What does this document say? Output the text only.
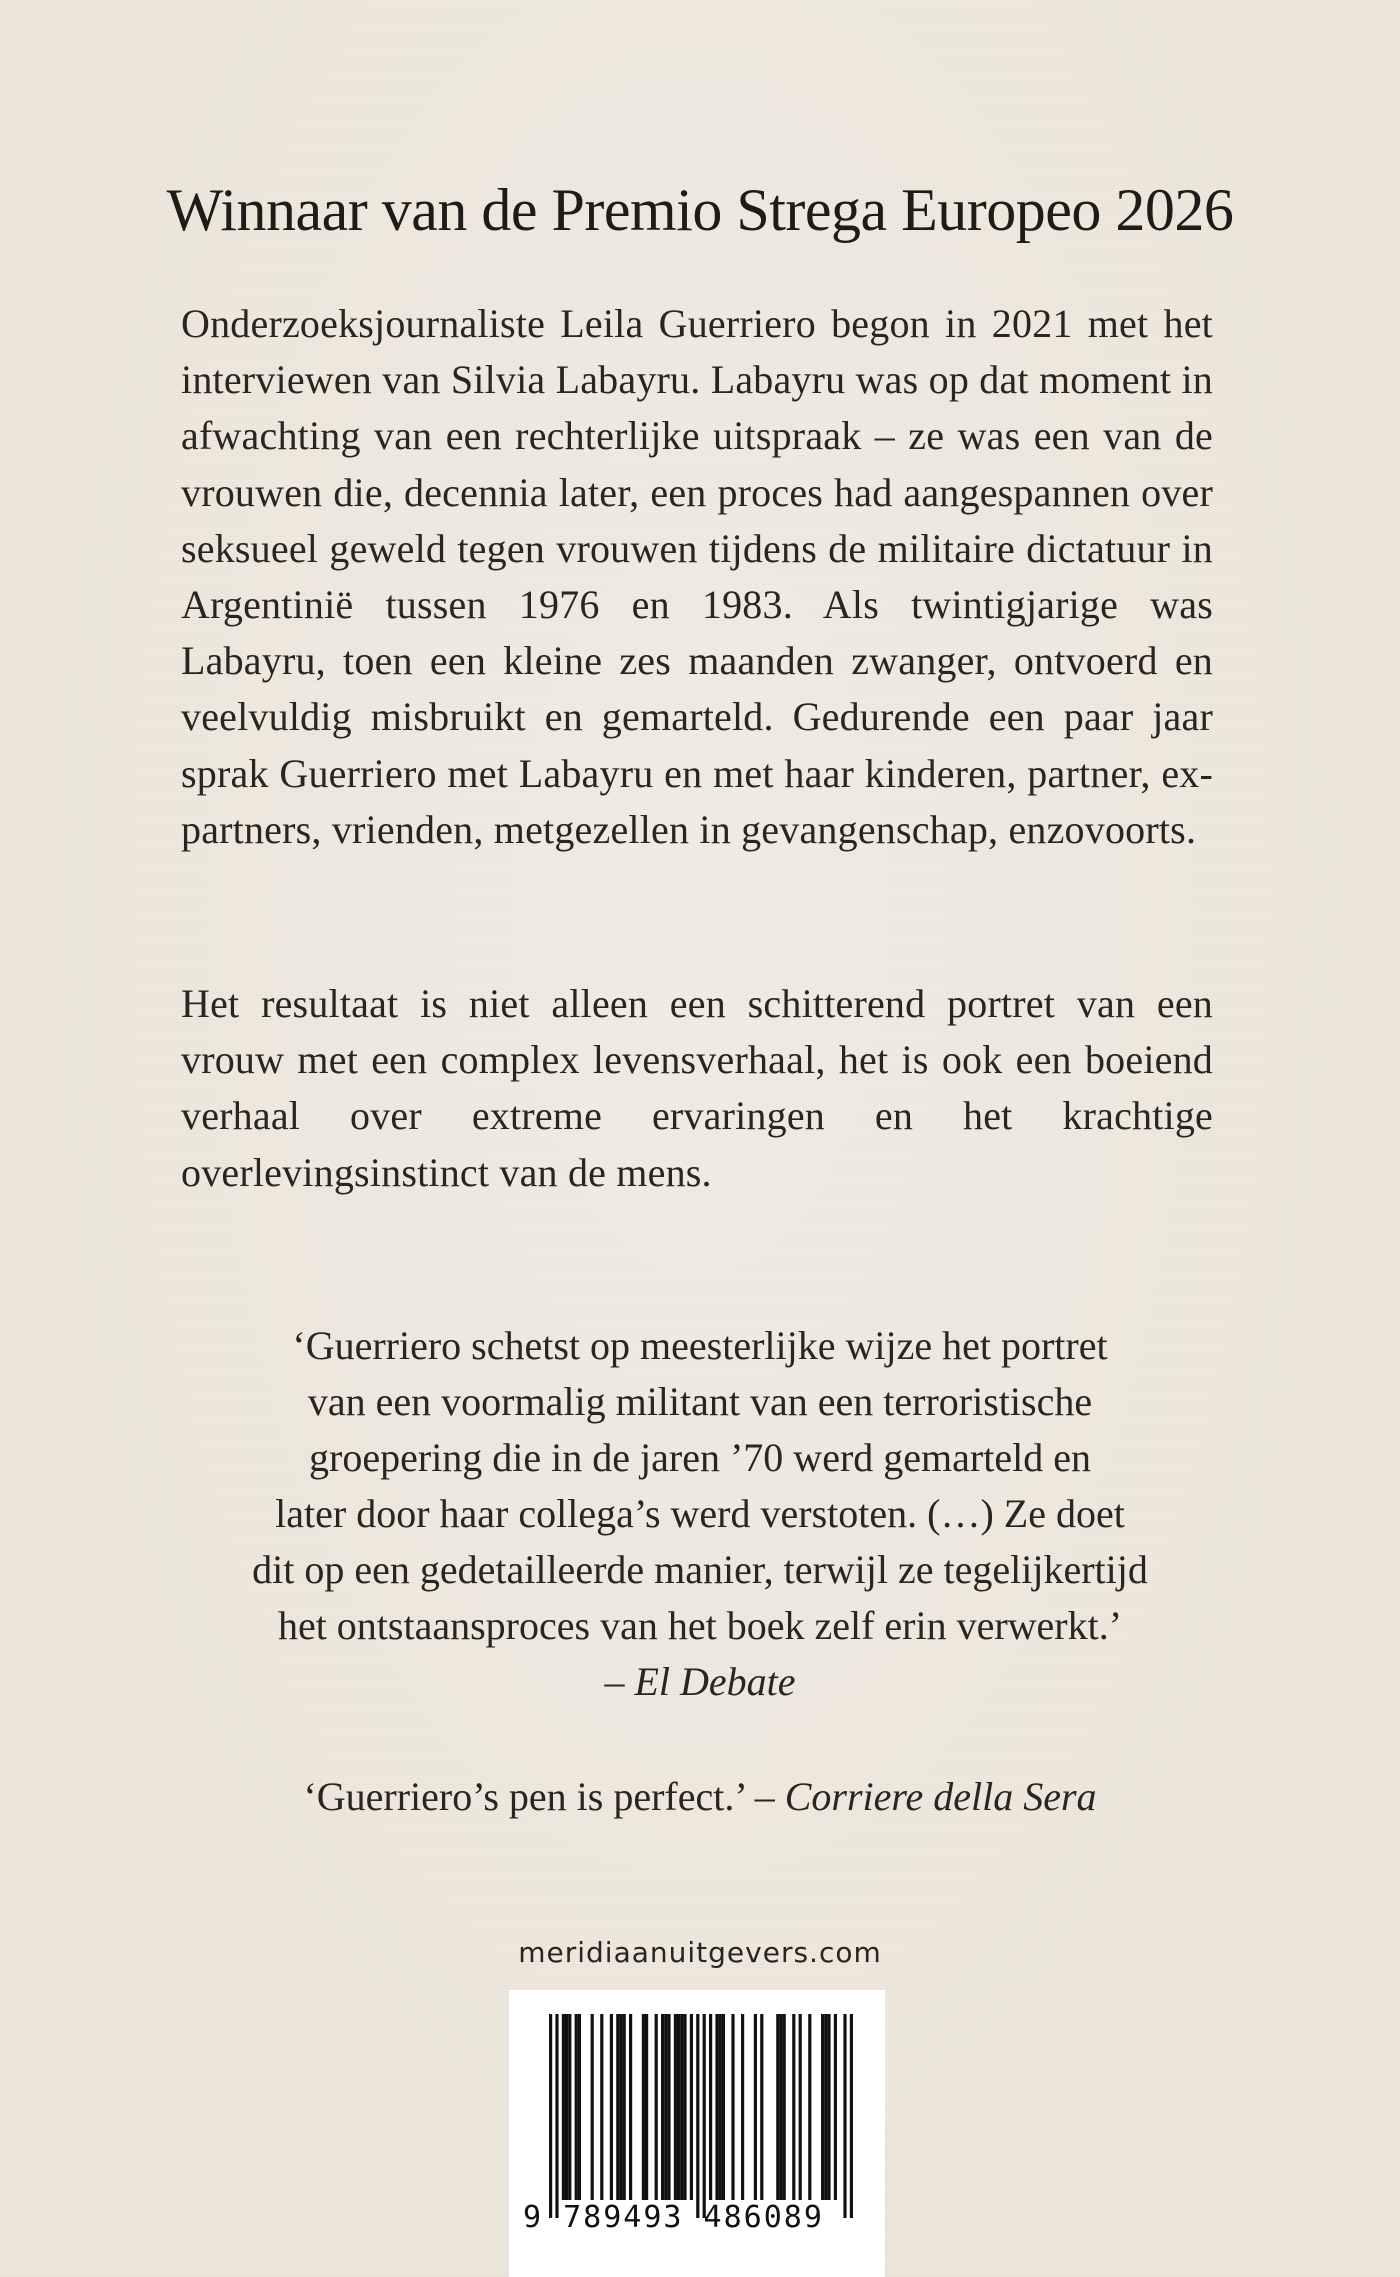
Winnaar van de Premio Strega Europeo 2026

Onderzoeksjournaliste Leila Guerriero begon in 2021 met het interviewen van Silvia Labayru. Labayru was op dat moment in afwachting van een rechterlijke uitspraak – ze was een van de vrouwen die, decennia later, een proces had aangespannen over seksueel geweld tegen vrouwen tijdens de militaire dictatuur in Argentinië tussen 1976 en 1983. Als twintigjarige was Labayru, toen een kleine zes maanden zwanger, ontvoerd en veelvuldig misbruikt en gemarteld. Gedurende een paar jaar sprak Guerriero met Labayru en met haar kinderen, partner, ex-partners, vrienden, metgezellen in gevangenschap, enzovoorts.

Het resultaat is niet alleen een schitterend portret van een vrouw met een complex levensverhaal, het is ook een boeiend verhaal over extreme ervaringen en het krachtige overlevingsinstinct van de mens.

‘Guerriero schetst op meesterlijke wijze het portret
van een voormalig militant van een terroristische
groepering die in de jaren ’70 werd gemarteld en
later door haar collega’s werd verstoten. (…) Ze doet
dit op een gedetailleerde manier, terwijl ze tegelijkertijd
het ontstaansproces van het boek zelf erin verwerkt.’
– El Debate
‘Guerriero’s pen is perfect.’ – Corriere della Sera
meridiaanuitgevers.com
9 789493 486089
